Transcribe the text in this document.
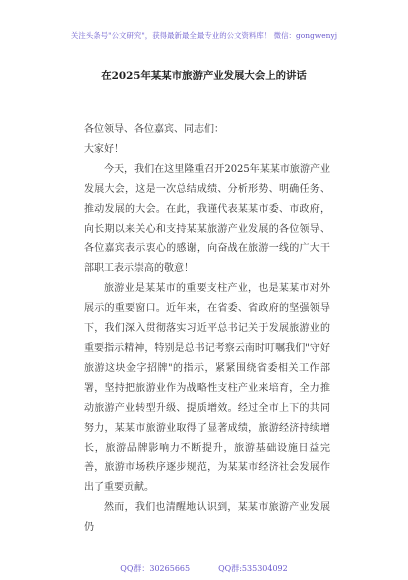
关注头条号"公文研究"，获得最新最全最专业的公文资料库！ 微信：gongwenyj
在2025年某某市旅游产业发展大会上的讲话

各位领导、各位嘉宾、同志们：

大家好！

今天，我们在这里隆重召开2025年某某市旅游产业发展大会，这是一次总结成绩、分析形势、明确任务、推动发展的大会。在此，我谨代表某某市委、市政府，向长期以来关心和支持某某旅游产业发展的各位领导、各位嘉宾表示衷心的感谢，向奋战在旅游一线的广大干部职工表示崇高的敬意！

旅游业是某某市的重要支柱产业，也是某某市对外展示的重要窗口。近年来，在省委、省政府的坚强领导下，我们深入贯彻落实习近平总书记关于发展旅游业的重要指示精神，特别是总书记考察云南时叮嘱我们"守好旅游这块金字招牌"的指示，紧紧围绕省委相关工作部署，坚持把旅游业作为战略性支柱产业来培育，全力推动旅游产业转型升级、提质增效。经过全市上下的共同努力，某某市旅游业取得了显著成绩，旅游经济持续增长，旅游品牌影响力不断提升，旅游基础设施日益完善，旅游市场秩序逐步规范，为某某市经济社会发展作出了重要贡献。

然而，我们也清醒地认识到，某某市旅游产业发展仍

QQ群：30265665	QQ群:535304092
